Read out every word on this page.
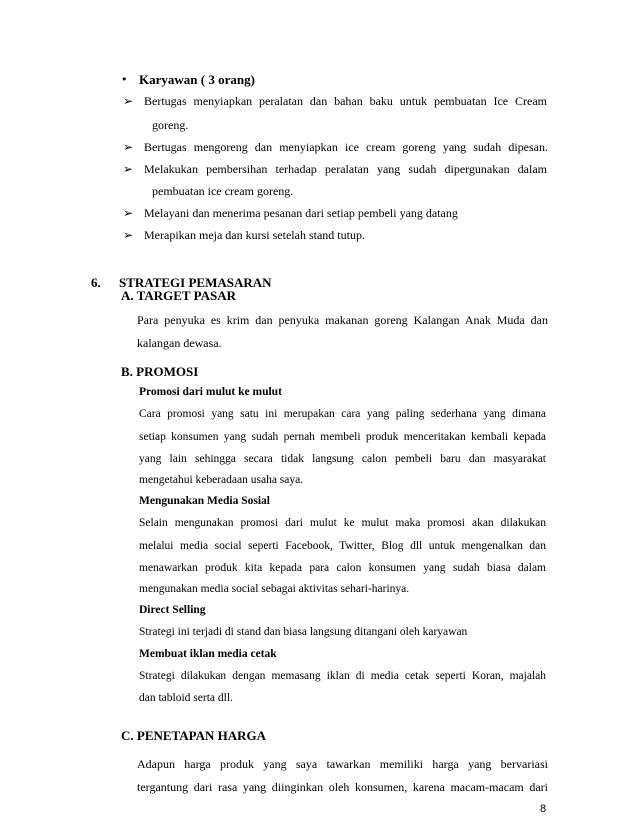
• Karyawan ( 3 orang)
➢ Bertugas menyiapkan peralatan dan bahan baku untuk pembuatan Ice Cream
goreng.
➢ Bertugas mengoreng dan menyiapkan ice cream goreng yang sudah dipesan.
➢ Melakukan pembersihan terhadap peralatan yang sudah dipergunakan dalam
pembuatan ice cream goreng.
➢ Melayani dan menerima pesanan dari setiap pembeli yang datang
➢ Merapikan meja dan kursi setelah stand tutup.
6. STRATEGI PEMASARAN
A. TARGET PASAR
Para penyuka es krim dan penyuka makanan goreng Kalangan Anak Muda dan
kalangan dewasa.
B. PROMOSI
Promosi dari mulut ke mulut
Cara promosi yang satu ini merupakan cara yang paling sederhana yang dimana
setiap konsumen yang sudah pernah membeli produk menceritakan kembali kepada
yang lain sehingga secara tidak langsung calon pembeli baru dan masyarakat
mengetahui keberadaan usaha saya.
Mengunakan Media Sosial
Selain mengunakan promosi dari mulut ke mulut maka promosi akan dilakukan
melalui media social seperti Facebook, Twitter, Blog dll untuk mengenalkan dan
menawarkan produk kita kepada para calon konsumen yang sudah biasa dalam
mengunakan media social sebagai aktivitas sehari-harinya.
Direct Selling
Strategi ini terjadi di stand dan biasa langsung ditangani oleh karyawan
Membuat iklan media cetak
Strategi dilakukan dengan memasang iklan di media cetak seperti Koran, majalah
dan tabloid serta dll.
C. PENETAPAN HARGA
Adapun harga produk yang saya tawarkan memiliki harga yang bervariasi
tergantung dari rasa yang diinginkan oleh konsumen, karena macam-macam dari
8
